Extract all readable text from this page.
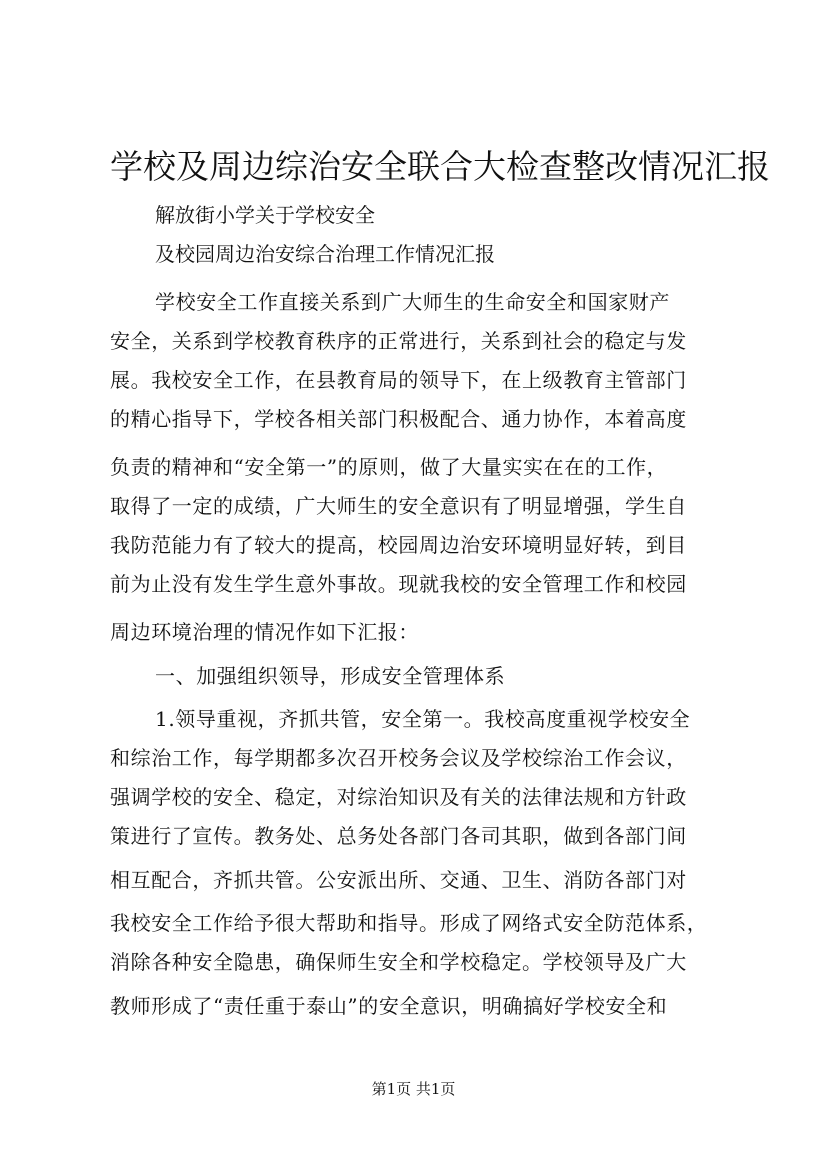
学校及周边综治安全联合大检查整改情况汇报
解放街小学关于学校安全
及校园周边治安综合治理工作情况汇报
学校安全工作直接关系到广大师生的生命安全和国家财产
安全，关系到学校教育秩序的正常进行，关系到社会的稳定与发
展。我校安全工作，在县教育局的领导下，在上级教育主管部门
的精心指导下，学校各相关部门积极配合、通力协作，本着高度
负责的精神和“安全第一”的原则，做了大量实实在在的工作，
取得了一定的成绩，广大师生的安全意识有了明显增强，学生自
我防范能力有了较大的提高，校园周边治安环境明显好转，到目
前为止没有发生学生意外事故。现就我校的安全管理工作和校园
周边环境治理的情况作如下汇报：
一、加强组织领导，形成安全管理体系
1.领导重视，齐抓共管，安全第一。我校高度重视学校安全
和综治工作，每学期都多次召开校务会议及学校综治工作会议，
强调学校的安全、稳定，对综治知识及有关的法律法规和方针政
策进行了宣传。教务处、总务处各部门各司其职，做到各部门间
相互配合，齐抓共管。公安派出所、交通、卫生、消防各部门对
我校安全工作给予很大帮助和指导。形成了网络式安全防范体系，
消除各种安全隐患，确保师生安全和学校稳定。学校领导及广大
教师形成了“责任重于泰山”的安全意识，明确搞好学校安全和
第1页 共1页
